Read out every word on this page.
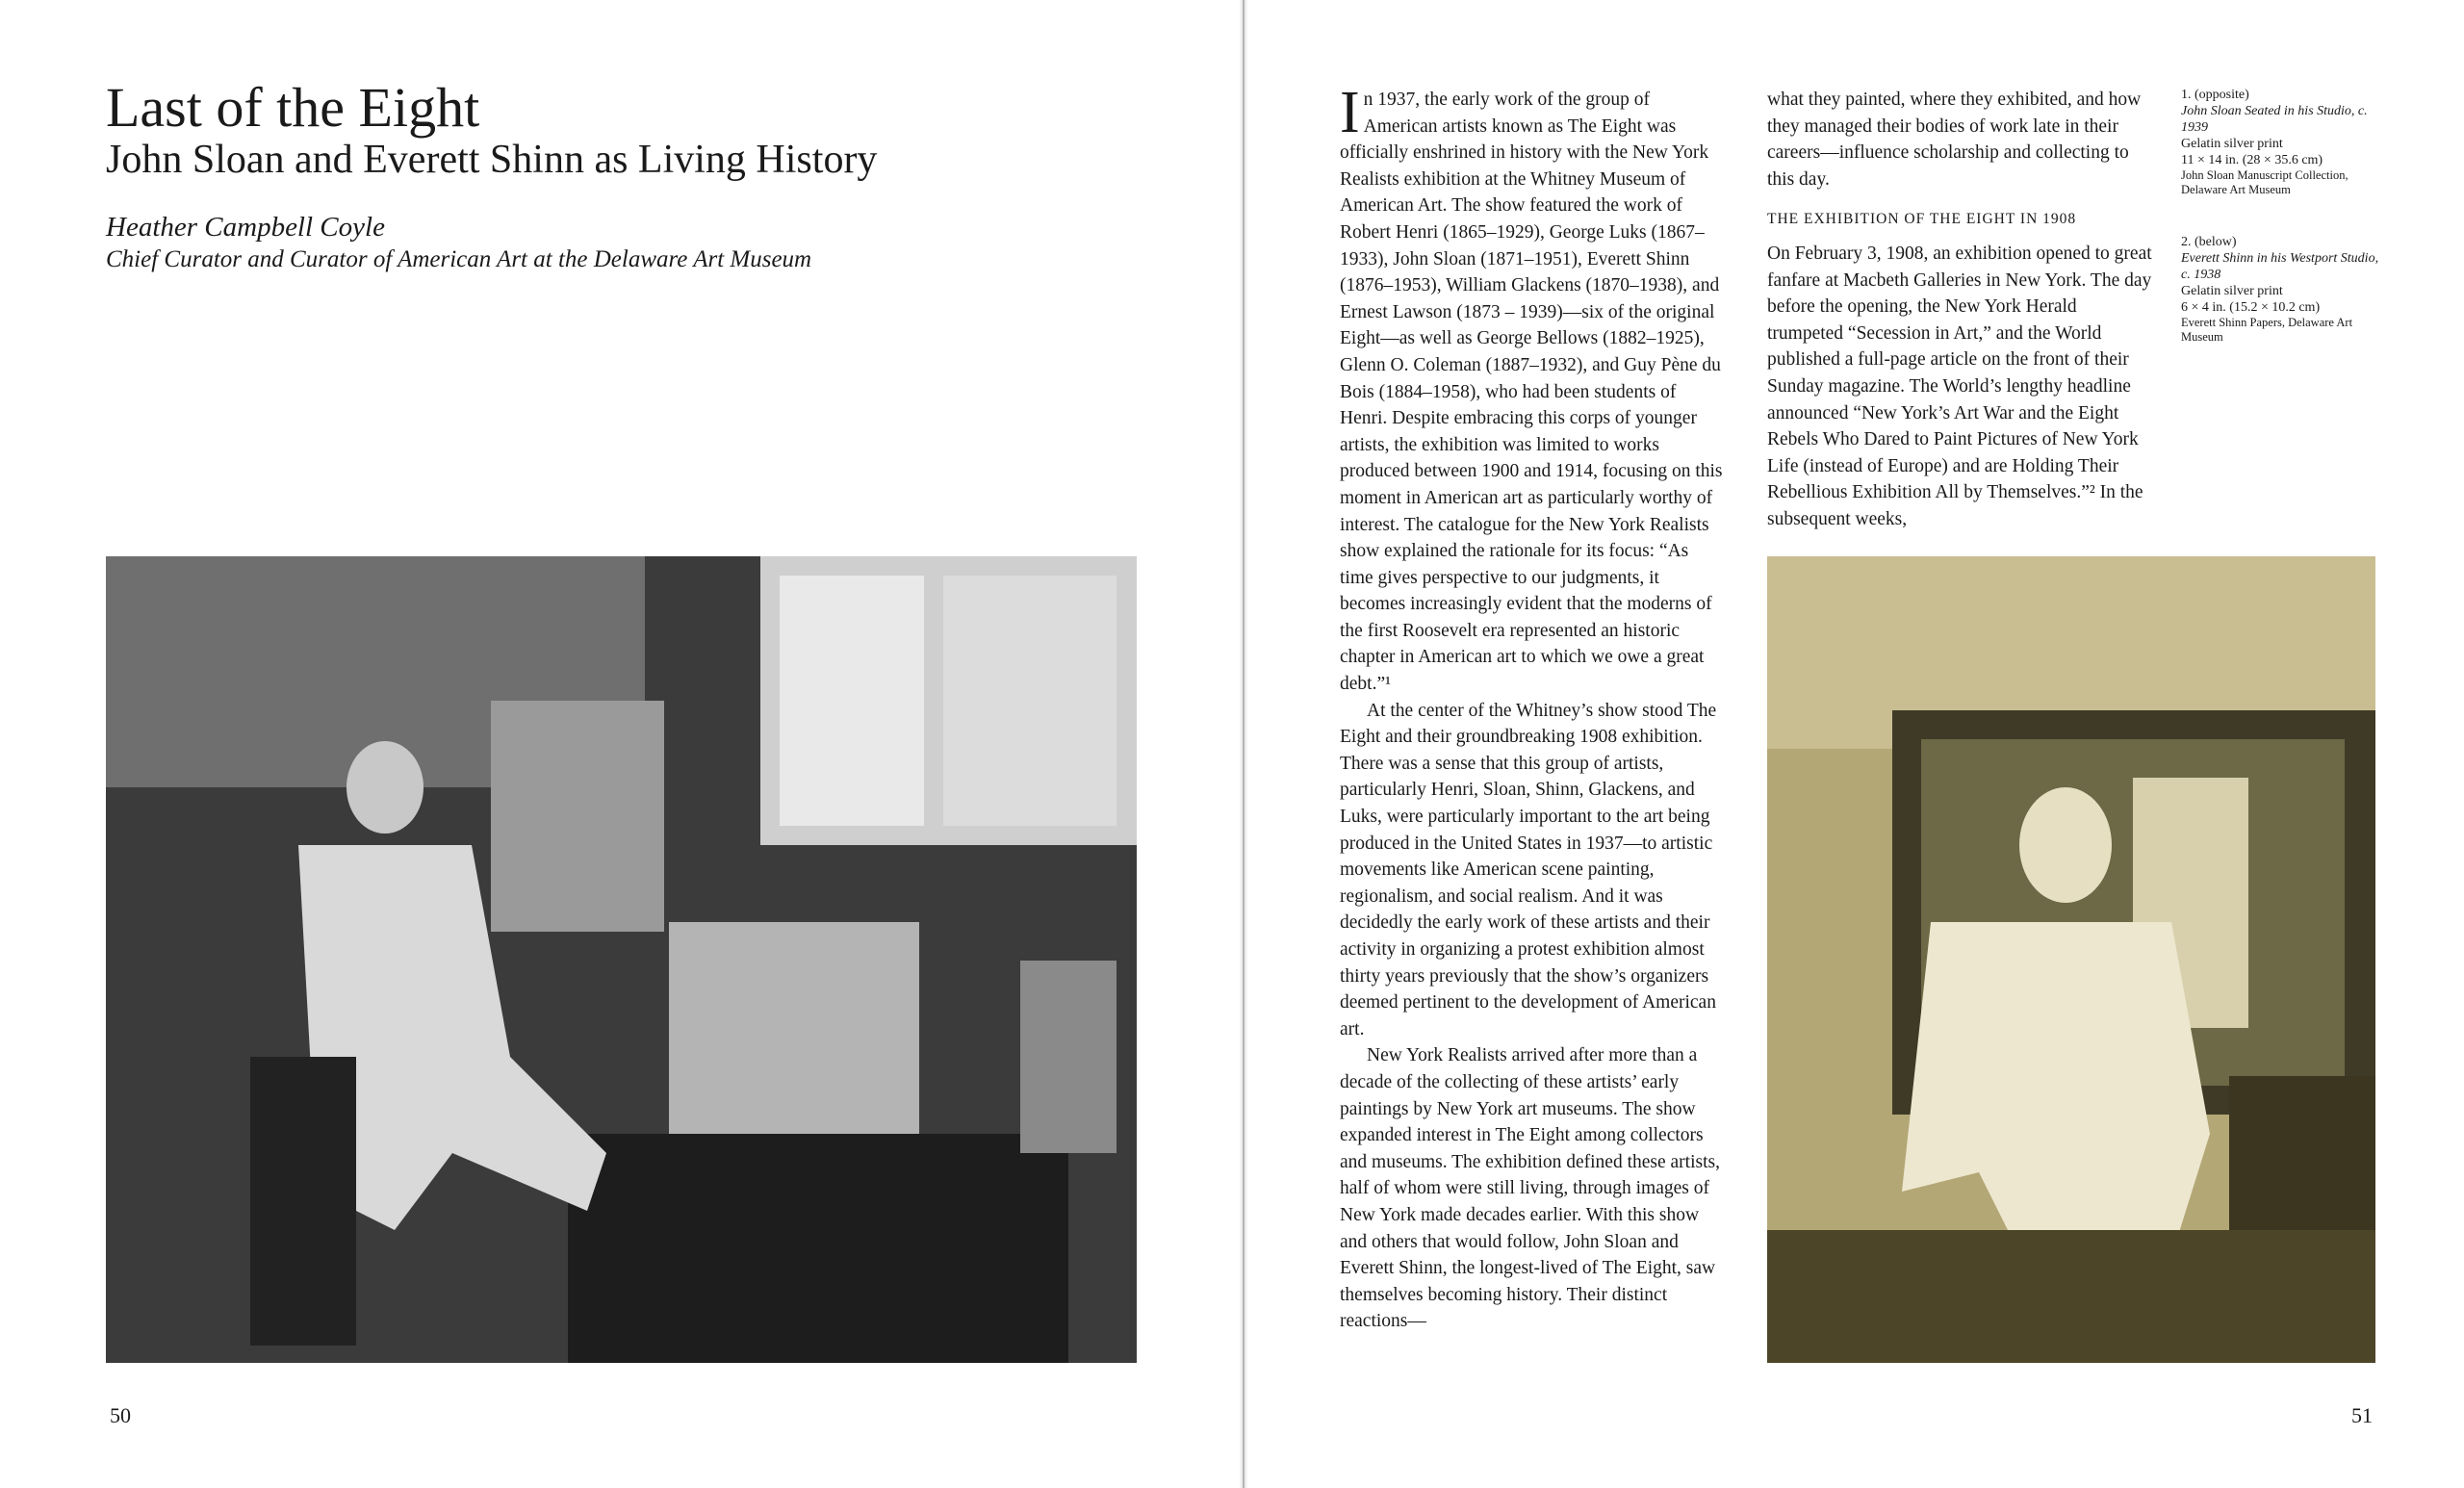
Last of the Eight
John Sloan and Everett Shinn as Living History
Heather Campbell Coyle
Chief Curator and Curator of American Art at the Delaware Art Museum
50

In 1937, the early work of the group of American artists known as The Eight was officially enshrined in history with the New York Realists exhibition at the Whitney Museum of American Art. The show featured the work of Robert Henri (1865–1929), George Luks (1867–1933), John Sloan (1871–1951), Everett Shinn (1876–1953), William Glackens (1870–1938), and Ernest Lawson (1873 – 1939)—six of the original Eight—as well as George Bellows (1882–1925), Glenn O. Coleman (1887–1932), and Guy Pène du Bois (1884–1958), who had been students of Henri. Despite embracing this corps of younger artists, the exhibition was limited to works produced between 1900 and 1914, focusing on this moment in American art as particularly worthy of interest. The catalogue for the New York Realists show explained the rationale for its focus: “As time gives perspective to our judgments, it becomes increasingly evident that the moderns of the first Roosevelt era represented an historic chapter in American art to which we owe a great debt.”¹

At the center of the Whitney’s show stood The Eight and their groundbreaking 1908 exhibition. There was a sense that this group of artists, particularly Henri, Sloan, Shinn, Glackens, and Luks, were particularly important to the art being produced in the United States in 1937—to artistic movements like American scene painting, regionalism, and social realism. And it was decidedly the early work of these artists and their activity in organizing a protest exhibition almost thirty years previously that the show’s organizers deemed pertinent to the development of American art.

New York Realists arrived after more than a decade of the collecting of these artists’ early paintings by New York art museums. The show expanded interest in The Eight among collectors and museums. The exhibition defined these artists, half of whom were still living, through images of New York made decades earlier. With this show and others that would follow, John Sloan and Everett Shinn, the longest-lived of The Eight, saw themselves becoming history. Their distinct reactions—

what they painted, where they exhibited, and how they managed their bodies of work late in their careers—influence scholarship and collecting to this day.

THE EXHIBITION OF THE EIGHT IN 1908

On February 3, 1908, an exhibition opened to great fanfare at Macbeth Galleries in New York. The day before the opening, the New York Herald trumpeted “Secession in Art,” and the World published a full-page article on the front of their Sunday magazine. The World’s lengthy headline announced “New York’s Art War and the Eight Rebels Who Dared to Paint Pictures of New York Life (instead of Europe) and are Holding Their Rebellious Exhibition All by Themselves.”² In the subsequent weeks,

1. (opposite)
John Sloan Seated in his Studio, c. 1939
Gelatin silver print
11 × 14 in. (28 × 35.6 cm)
John Sloan Manuscript Collection, Delaware Art Museum
2. (below)
Everett Shinn in his Westport Studio, c. 1938
Gelatin silver print
6 × 4 in. (15.2 × 10.2 cm)
Everett Shinn Papers, Delaware Art Museum
51
